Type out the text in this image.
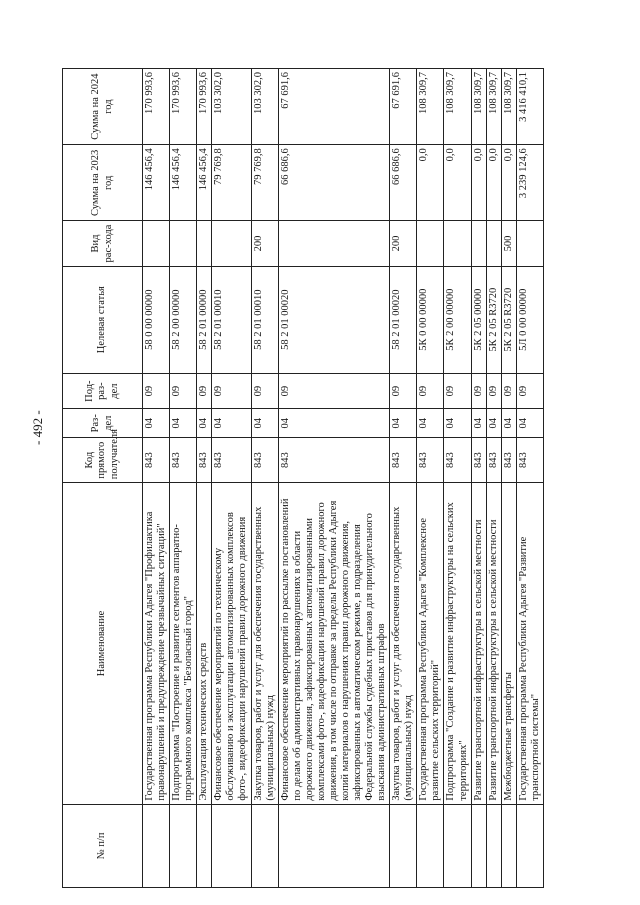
- 492 -
№ п/п	Наименование	Код прямого получателя	Раз-дел	Под-раз-дел	Целевая статья	Вид рас-хода	Сумма на 2023 год	Сумма на 2024 год
	Государственная программа Республики Адыгея "Профилактика правонарушений и предупреждение чрезвычайных ситуаций"	843	04	09	58 0 00 00000		146 456,4	170 993,6
	Подпрограмма "Построение и развитие сегментов аппаратно-программного комплекса "Безопасный город"	843	04	09	58 2 00 00000		146 456,4	170 993,6
	Эксплуатация технических средств	843	04	09	58 2 01 00000		146 456,4	170 993,6
	Финансовое обеспечение мероприятий по техническому обслуживанию и эксплуатации автоматизированных комплексов фото-, видеофиксации нарушений правил дорожного движения	843	04	09	58 2 01 00010		79 769,8	103 302,0
	Закупка товаров, работ и услуг для обеспечения государственных (муниципальных) нужд	843	04	09	58 2 01 00010	200	79 769,8	103 302,0
	Финансовое обеспечение мероприятий по рассылке постановлений по делам об административных правонарушениях в области дорожного движения, зафиксированных автоматизированными комплексами фото-, видеофиксации нарушений правил дорожного движения, в том числе по отправке за пределы Республики Адыгея копий материалов о нарушениях правил дорожного движения, зафиксированных в автоматическом режиме, в подразделения Федеральной службы судебных приставов для принудительного взыскания административных штрафов	843	04	09	58 2 01 00020		66 686,6	67 691,6
	Закупка товаров, работ и услуг для обеспечения государственных (муниципальных) нужд	843	04	09	58 2 01 00020	200	66 686,6	67 691,6
	Государственная программа Республики Адыгея "Комплексное развитие сельских территорий"	843	04	09	5К 0 00 00000		0,0	108 309,7
	Подпрограмма "Создание и развитие инфраструктуры на сельских территориях"	843	04	09	5К 2 00 00000		0,0	108 309,7
	Развитие транспортной инфраструктуры в сельской местности	843	04	09	5К 2 05 00000		0,0	108 309,7
	Развитие транспортной инфраструктуры в сельской местности	843	04	09	5К 2 05 R3720		0,0	108 309,7
	Межбюджетные трансферты	843	04	09	5К 2 05 R3720	500	0,0	108 309,7
	Государственная программа Республики Адыгея "Развитие транспортной системы"	843	04	09	5Л 0 00 00000		3 239 124,6	3 416 410,1
